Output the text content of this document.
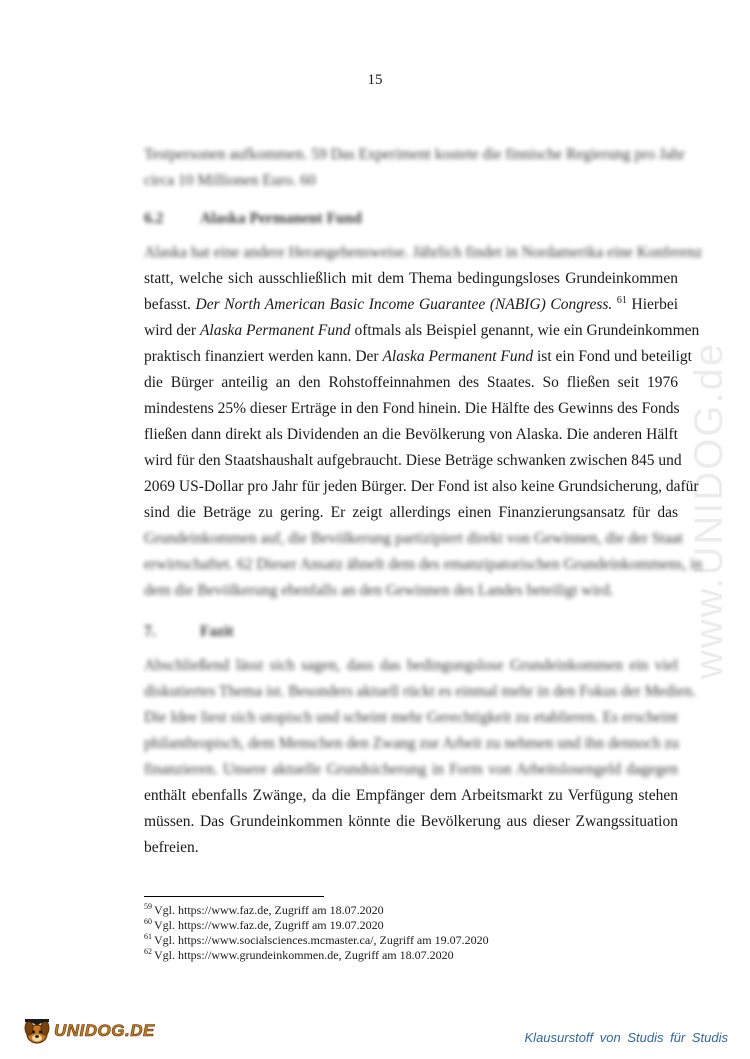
www.UNIDOG.de
15
Testpersonen aufkommen. 59 Das Experiment kostete die finnische Regierung pro Jahr
circa 10 Millionen Euro. 60
6.2 Alaska Permanent Fund
Alaska hat eine andere Herangehensweise. Jährlich findet in Nordamerika eine Konferenz
statt, welche sich ausschließlich mit dem Thema bedingungsloses Grundeinkommen
befasst. Der North American Basic Income Guarantee (NABIG) Congress. $^{61}$ Hierbei
wird der Alaska Permanent Fund oftmals als Beispiel genannt, wie ein Grundeinkommen
praktisch finanziert werden kann. Der Alaska Permanent Fund ist ein Fond und beteiligt
die Bürger anteilig an den Rohstoffeinnahmen des Staates. So fließen seit 1976
mindestens 25% dieser Erträge in den Fond hinein. Die Hälfte des Gewinns des Fonds
fließen dann direkt als Dividenden an die Bevölkerung von Alaska. Die anderen Hälft
wird für den Staatshaushalt aufgebraucht. Diese Beträge schwanken zwischen 845 und
2069 US-Dollar pro Jahr für jeden Bürger. Der Fond ist also keine Grundsicherung, dafür
sind die Beträge zu gering. Er zeigt allerdings einen Finanzierungsansatz für das
Grundeinkommen auf, die Bevölkerung partizipiert direkt von Gewinnen, die der Staat
erwirtschaftet. 62 Dieser Ansatz ähnelt dem des emanzipatorischen Grundeinkommens, in
dem die Bevölkerung ebenfalls an den Gewinnen des Landes beteiligt wird.
7.	Fazit
Abschließend lässt sich sagen, dass das bedingungslose Grundeinkommen ein viel
diskutiertes Thema ist. Besonders aktuell rückt es einmal mehr in den Fokus der Medien.
Die Idee liest sich utopisch und scheint mehr Gerechtigkeit zu etablieren. Es erscheint
philanthropisch, dem Menschen den Zwang zur Arbeit zu nehmen und ihn dennoch zu
finanzieren. Unsere aktuelle Grundsicherung in Form von Arbeitslosengeld dagegen
enthält ebenfalls Zwänge, da die Empfänger dem Arbeitsmarkt zu Verfügung stehen
müssen. Das Grundeinkommen könnte die Bevölkerung aus dieser Zwangssituation
befreien.
$^{59}$ Vgl. https://www.faz.de, Zugriff am 18.07.2020
$^{60}$ Vgl. https://www.faz.de, Zugriff am 19.07.2020
$^{61}$ Vgl. https://www.socialsciences.mcmaster.ca/, Zugriff am 19.07.2020
$^{62}$ Vgl. https://www.grundeinkommen.de, Zugriff am 18.07.2020
UNIDOG.DE	Klausurstoff von Studis für Studis
